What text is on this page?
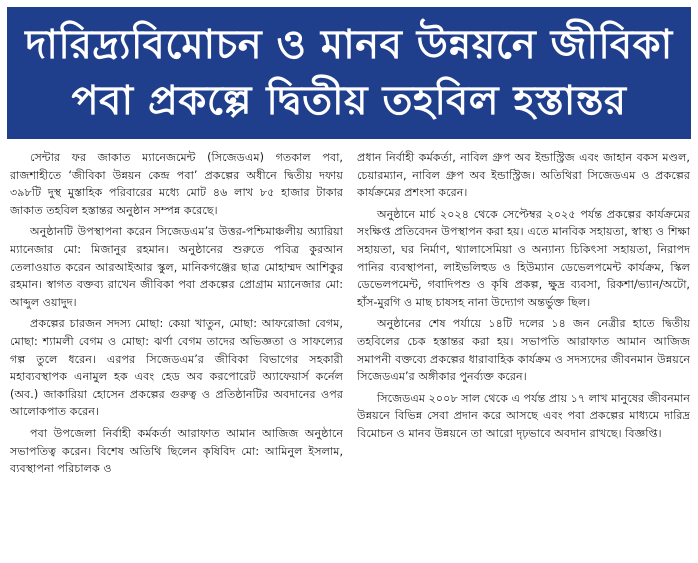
দারিদ্র্যবিমোচন ও মানব উন্নয়নে জীবিকা
পবা প্রকল্পে দ্বিতীয় তহবিল হস্তান্তর

সেন্টার ফর জাকাত ম্যানেজমেন্ট (সিজেডএম) গতকাল পবা, রাজশাহীতে ‘জীবিকা উন্নয়ন কেন্দ্র পবা’ প্রকল্পের অধীনে দ্বিতীয় দফায় ৩৯৮টি দুস্থ মুস্তাহিক পরিবারের মধ্যে মোট ৪৬ লাখ ৮৫ হাজার টাকার জাকাত তহবিল হস্তান্তর অনুষ্ঠান সম্পন্ন করেছে।

অনুষ্ঠানটি উপস্থাপনা করেন সিজেডএম’র উত্তর-পশ্চিমাঞ্চলীয় অ্যারিয়া ম্যানেজার মো: মিজানুর রহমান। অনুষ্ঠানের শুরুতে পবিত্র কুরআন তেলাওয়াত করেন আরআইআর স্কুল, মানিকগঞ্জের ছাত্র মোহাম্মদ আশিকুর রহমান। স্বাগত বক্তব্য রাখেন জীবিকা পবা প্রকল্পের প্রোগ্রাম ম্যানেজার মো: আব্দুল ওয়াদুদ।

প্রকল্পের চারজন সদস্য মোছা: কেয়া খাতুন, মোছা: আফরোজা বেগম, মোছা: শ্যামলী বেগম ও মোছা: ঝর্ণা বেগম তাদের অভিজ্ঞতা ও সাফল্যের গল্প তুলে ধরেন। এরপর সিজেডএম’র জীবিকা বিভাগের সহকারী মহাব্যবস্থাপক এনামুল হক এবং হেড অব করপোরেট অ্যাফেয়ার্স কর্নেল (অব.) জাকারিয়া হোসেন প্রকল্পের গুরুত্ব ও প্রতিষ্ঠানটির অবদানের ওপর আলোকপাত করেন।

পবা উপজেলা নির্বাহী কর্মকর্তা আরাফাত আমান আজিজ অনুষ্ঠানে সভাপতিত্ব করেন। বিশেষ অতিথি ছিলেন কৃষিবিদ মো: আমিনুল ইসলাম, ব্যবস্থাপনা পরিচালক ও

প্রধান নির্বাহী কর্মকর্তা, নাবিল গ্রুপ অব ইন্ডাস্ট্রিজ এবং জাহান বকস মণ্ডল, চেয়ারম্যান, নাবিল গ্রুপ অব ইন্ডাস্ট্রিজ। অতিথিরা সিজেডএম ও প্রকল্পের কার্যক্রমের প্রশংসা করেন।

অনুষ্ঠানে মার্চ ২০২৪ থেকে সেপ্টেম্বর ২০২৫ পর্যন্ত প্রকল্পের কার্যক্রমের সংক্ষিপ্ত প্রতিবেদন উপস্থাপন করা হয়। এতে মানবিক সহায়তা, স্বাস্থ্য ও শিক্ষা সহায়তা, ঘর নির্মাণ, থ্যালাসেমিয়া ও অন্যান্য চিকিৎসা সহায়তা, নিরাপদ পানির ব্যবস্থাপনা, লাইভলিহুড ও হিউম্যান ডেভেলপমেন্ট কার্যক্রম, স্কিল ডেভেলপমেন্ট, গবাদিপশু ও কৃষি প্রকল্প, ক্ষুদ্র ব্যবসা, রিকশা/ভ্যান/অটো, হাঁস-মুরগি ও মাছ চাষসহ নানা উদ্যোগ অন্তর্ভুক্ত ছিল।

অনুষ্ঠানের শেষ পর্যায়ে ১৪টি দলের ১৪ জন নেত্রীর হাতে দ্বিতীয় তহবিলের চেক হস্তান্তর করা হয়। সভাপতি আরাফাত আমান আজিজ সমাপনী বক্তব্যে প্রকল্পের ধারাবাহিক কার্যক্রম ও সদস্যদের জীবনমান উন্নয়নে সিজেডএম’র অঙ্গীকার পুনর্ব্যক্ত করেন।

সিজেডএম ২০০৮ সাল থেকে এ পর্যন্ত প্রায় ১৭ লাখ মানুষের জীবনমান উন্নয়নে বিভিন্ন সেবা প্রদান করে আসছে এবং পবা প্রকল্পের মাধ্যমে দারিদ্র বিমোচন ও মানব উন্নয়নে তা আরো দৃঢ়ভাবে অবদান রাখছে। বিজ্ঞপ্তি।
